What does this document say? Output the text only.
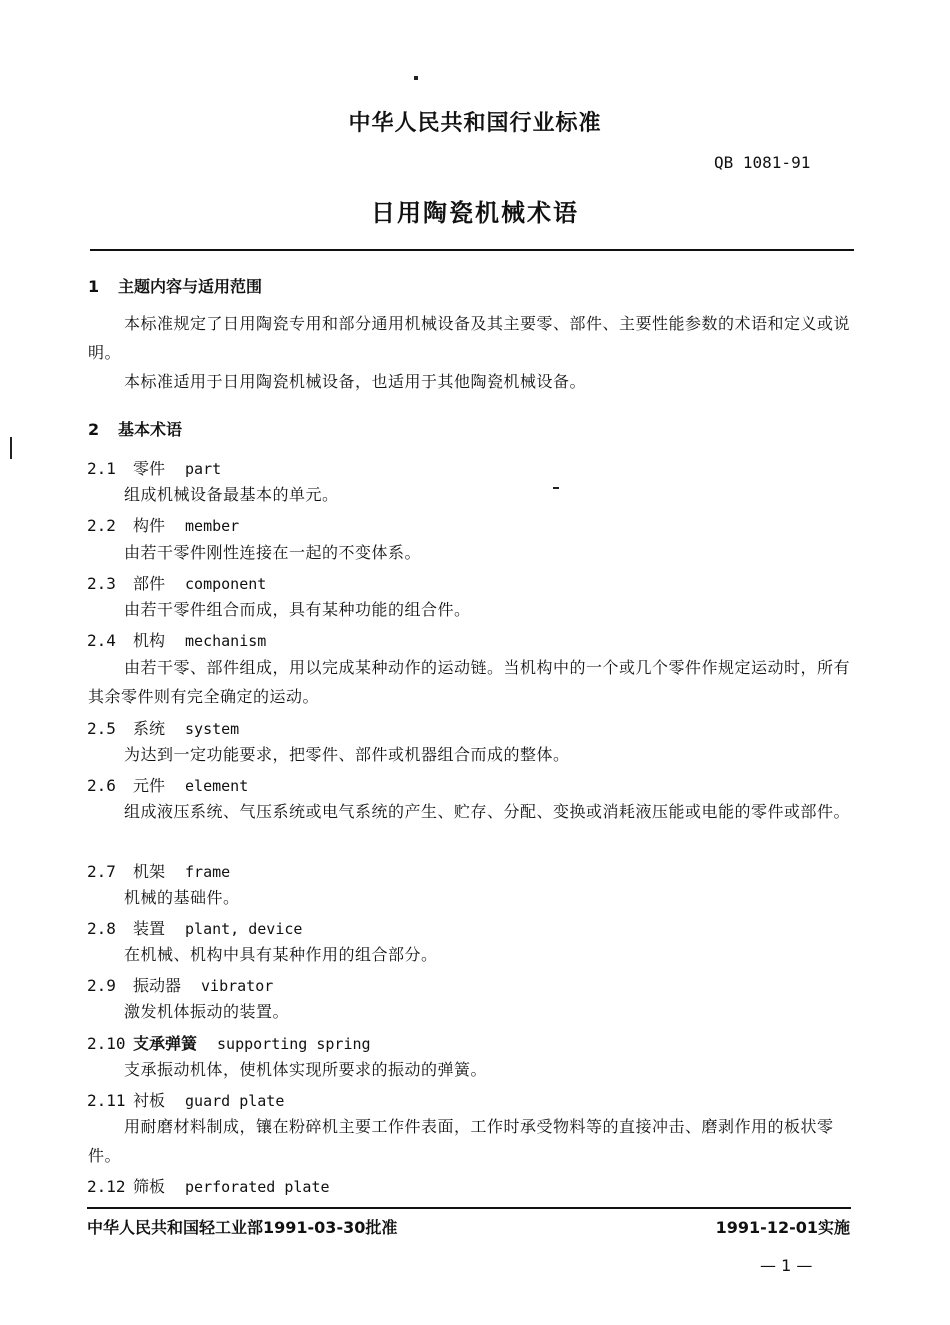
中华人民共和国行业标准
QB 1081-91
日用陶瓷机械术语
1 主题内容与适用范围
本标准规定了日用陶瓷专用和部分通用机械设备及其主要零、部件、主要性能参数的术语和定义或说明。
本标准适用于日用陶瓷机械设备，也适用于其他陶瓷机械设备。
2 基本术语
2.1 零件 part
组成机械设备最基本的单元。
2.2 构件 member
由若干零件刚性连接在一起的不变体系。
2.3 部件 component
由若干零件组合而成，具有某种功能的组合件。
2.4 机构 mechanism
由若干零、部件组成，用以完成某种动作的运动链。当机构中的一个或几个零件作规定运动时，所有其余零件则有完全确定的运动。
2.5 系统 system
为达到一定功能要求，把零件、部件或机器组合而成的整体。
2.6 元件 element
组成液压系统、气压系统或电气系统的产生、贮存、分配、变换或消耗液压能或电能的零件或部件。
2.7 机架 frame
机械的基础件。
2.8 装置 plant, device
在机械、机构中具有某种作用的组合部分。
2.9 振动器 vibrator
激发机体振动的装置。
2.10 支承弹簧 supporting spring
支承振动机体，使机体实现所要求的振动的弹簧。
2.11 衬板 guard plate
用耐磨材料制成，镶在粉碎机主要工作件表面，工作时承受物料等的直接冲击、磨剥作用的板状零件。
2.12 筛板 perforated plate
中华人民共和国轻工业部1991-03-30批准	1991-12-01实施
— 1 —
